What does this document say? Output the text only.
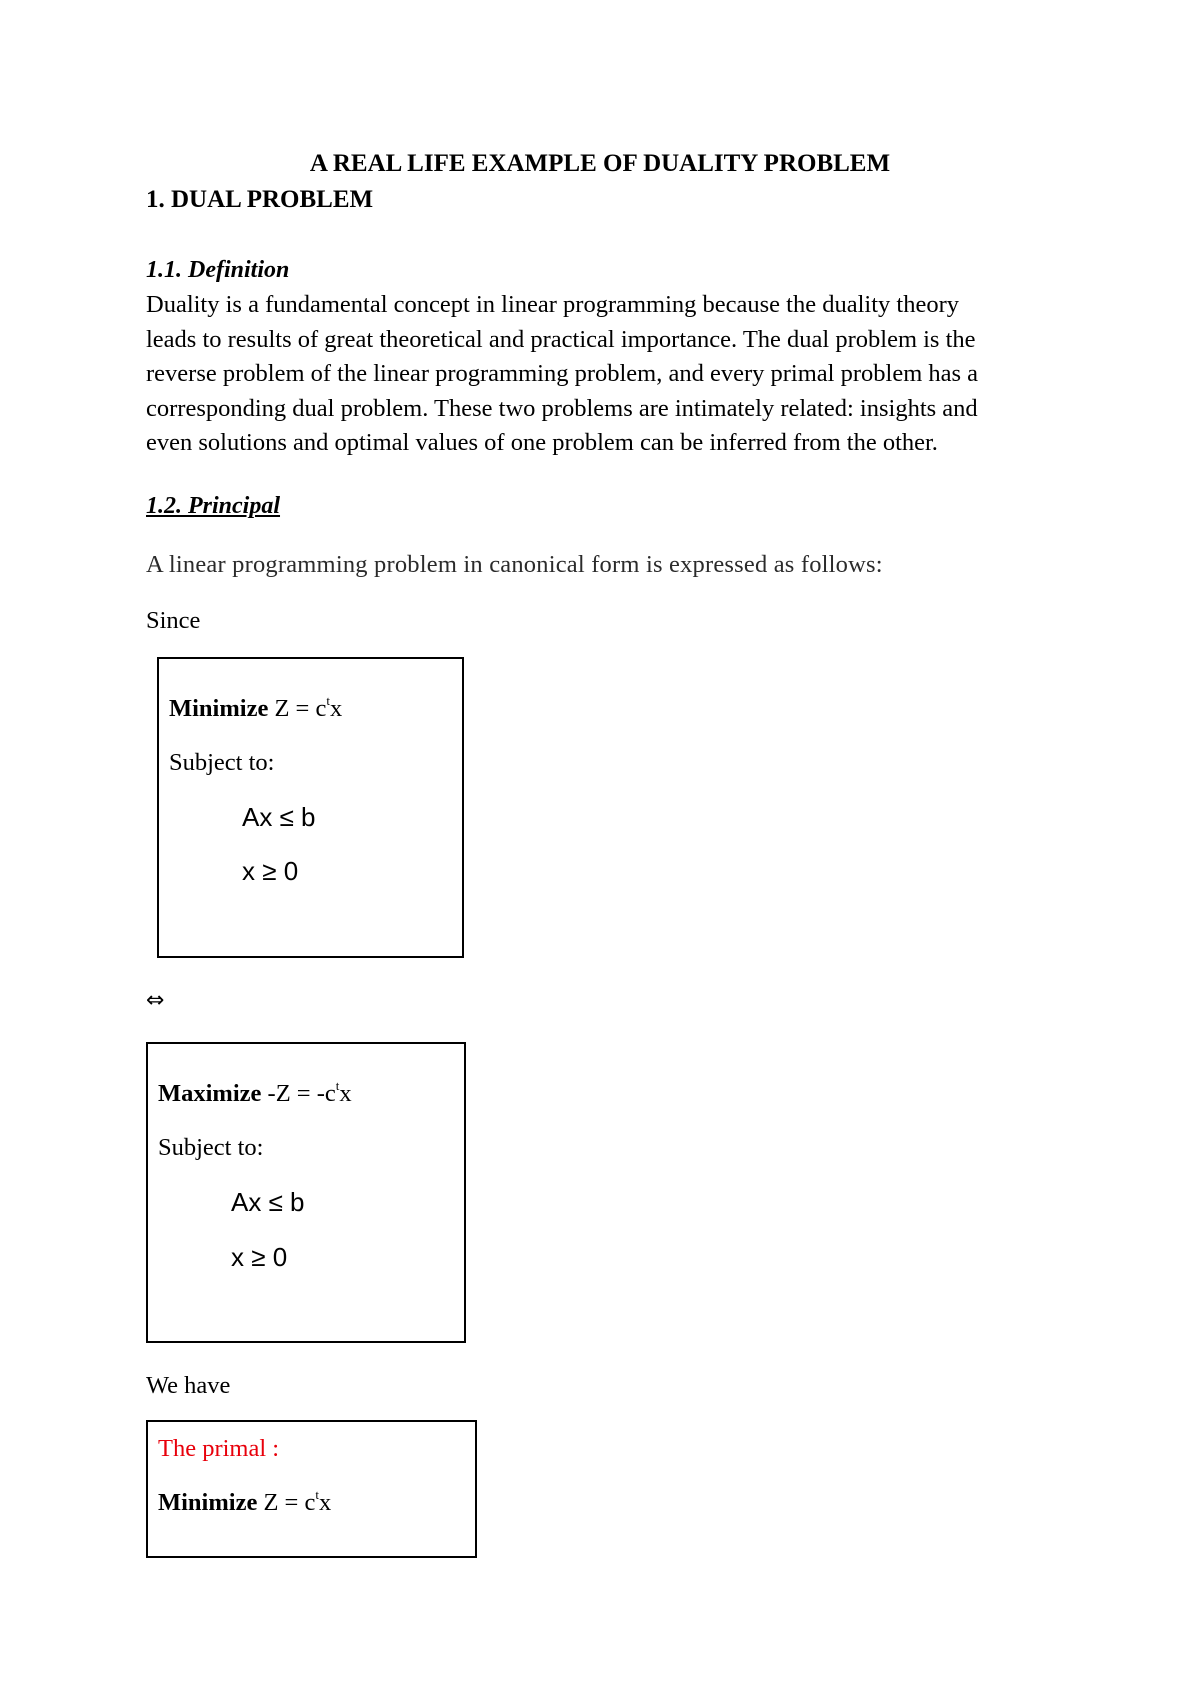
A REAL LIFE EXAMPLE OF DUALITY PROBLEM
1. DUAL PROBLEM
1.1. Definition
Duality is a fundamental concept in linear programming because the duality theory
leads to results of great theoretical and practical importance. The dual problem is the
reverse problem of the linear programming problem, and every primal problem has a
corresponding dual problem. These two problems are intimately related: insights and
even solutions and optimal values of one problem can be inferred from the other.
1.2. Principal
A linear programming problem in canonical form is expressed as follows:
Since
Minimize $Z = c^tx$
Subject to:
Ax ≤ b
x ≥ 0
⇔
Maximize $-Z = -c^tx$
Subject to:
Ax ≤ b
x ≥ 0
We have
The primal :
Minimize $Z = c^tx$
